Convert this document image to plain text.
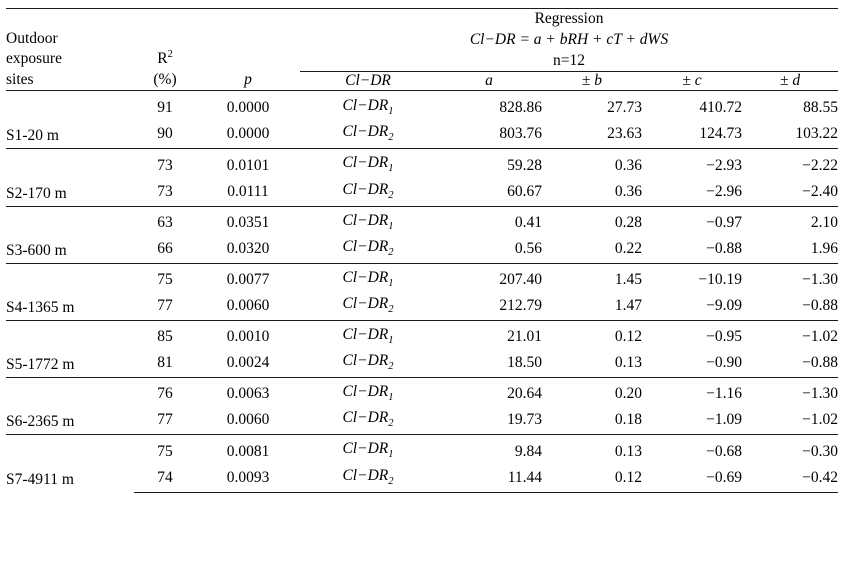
Outdoor
exposure
sites

$R^2$
(%)	p

Regression
Cl−DR = a + bRH + cT + dWS
n=12

			Cl−DR	a	± b	± c	± d
S1-20 m	91	0.0000	$Cl-DR_1$	828.86	27.73	410.72	88.55
	90	0.0000	$Cl-DR_2$	803.76	23.63	124.73	103.22
S2-170 m	73	0.0101	$Cl-DR_1$	59.28	0.36	−2.93	−2.22
	73	0.0111	$Cl-DR_2$	60.67	0.36	−2.96	−2.40
S3-600 m	63	0.0351	$Cl-DR_1$	0.41	0.28	−0.97	2.10
	66	0.0320	$Cl-DR_2$	0.56	0.22	−0.88	1.96
S4-1365 m	75	0.0077	$Cl-DR_1$	207.40	1.45	−10.19	−1.30
	77	0.0060	$Cl-DR_2$	212.79	1.47	−9.09	−0.88
S5-1772 m	85	0.0010	$Cl-DR_1$	21.01	0.12	−0.95	−1.02
	81	0.0024	$Cl-DR_2$	18.50	0.13	−0.90	−0.88
S6-2365 m	76	0.0063	$Cl-DR_1$	20.64	0.20	−1.16	−1.30
	77	0.0060	$Cl-DR_2$	19.73	0.18	−1.09	−1.02
S7-4911 m	75	0.0081	$Cl-DR_1$	9.84	0.13	−0.68	−0.30
	74	0.0093	$Cl-DR_2$	11.44	0.12	−0.69	−0.42
